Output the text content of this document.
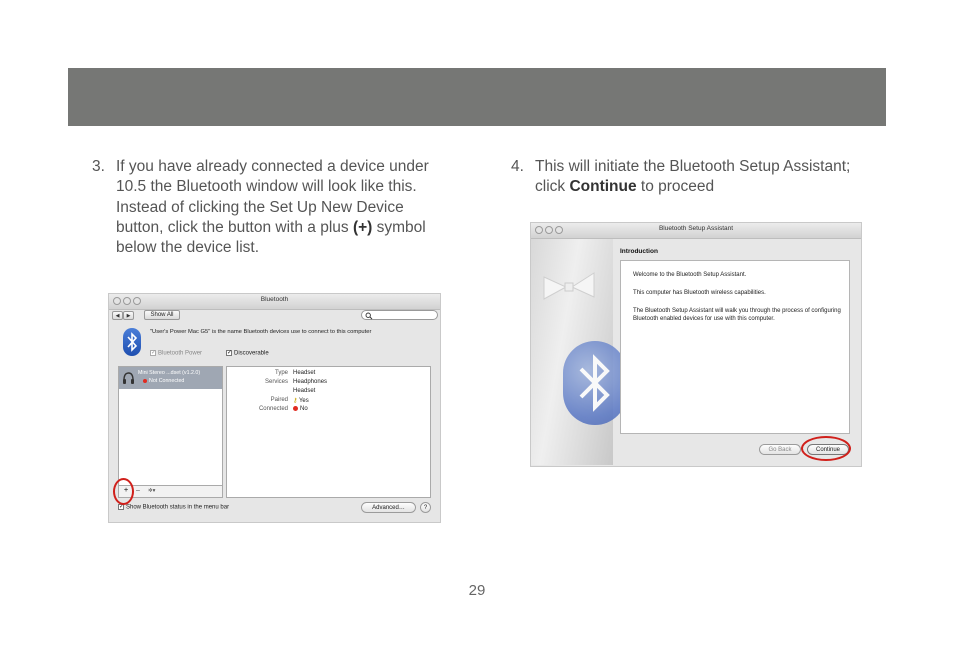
3. If you have already connected a device under 10.5 the Bluetooth window will look like this. Instead of clicking the Set Up New Device button, click the button with a plus (+) symbol below the device list.
4. This will initiate the Bluetooth Setup Assistant; click Continue to proceed
Bluetooth
◀	▶	Show All
"User's Power Mac G5" is the name Bluetooth devices use to connect to this computer
✓ Bluetooth Power	✓ Discoverable
Mini Stereo ...dset (v1.2.0)
Not Connected
+ – ✲▾
Type Headset
Services Headphones
Headset
Paired ⚷ Yes
Connected	No
✓ Show Bluetooth status in the menu bar	Advanced…	?
Bluetooth Setup Assistant
Introduction

Welcome to the Bluetooth Setup Assistant.

This computer has Bluetooth wireless capabilities.

The Bluetooth Setup Assistant will walk you through the process of configuring Bluetooth enabled devices for use with this computer.

Go Back	Continue
29
